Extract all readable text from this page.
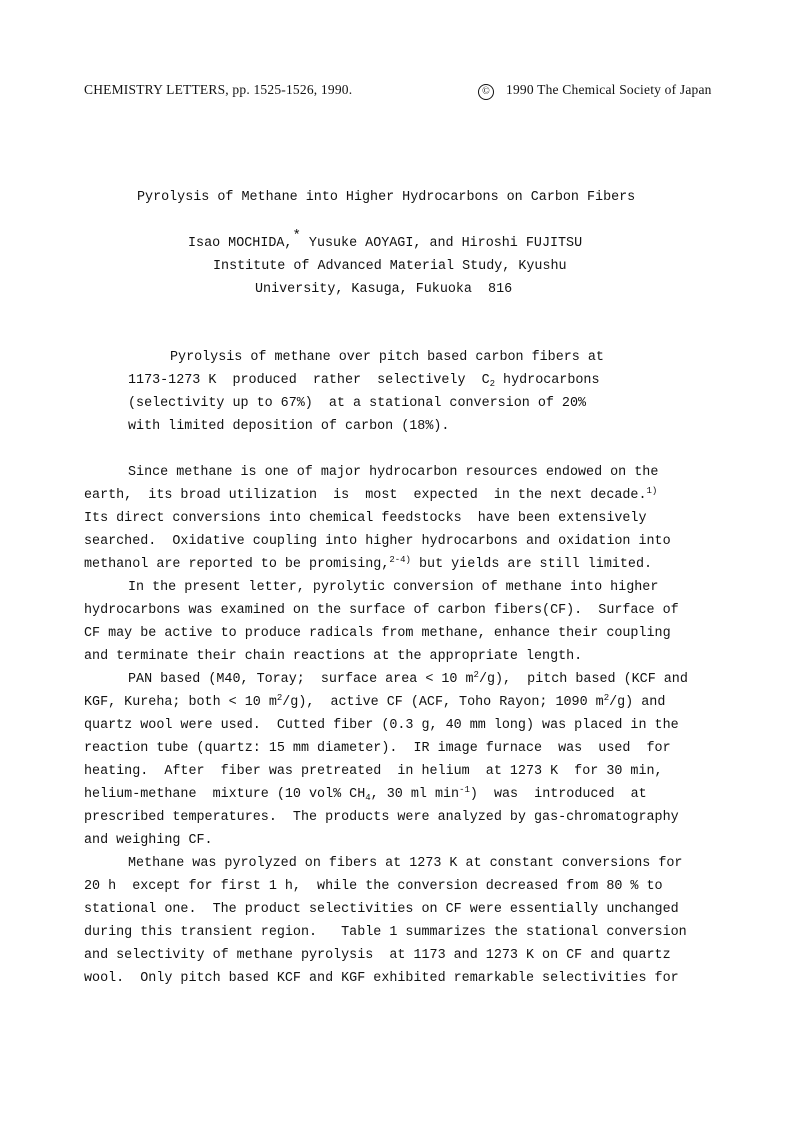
CHEMISTRY LETTERS, pp. 1525-1526, 1990.	© 1990 The Chemical Society of Japan
Pyrolysis of Methane into Higher Hydrocarbons on Carbon Fibers
Isao MOCHIDA,* Yusuke AOYAGI, and Hiroshi FUJITSU
Institute of Advanced Material Study, Kyushu
University, Kasuga, Fukuoka  816
Pyrolysis of methane over pitch based carbon fibers at
1173-1273 K  produced  rather  selectively  $C_2$ hydrocarbons
(selectivity up to 67%)  at a stational conversion of 20%
with limited deposition of carbon (18%).
Since methane is one of major hydrocarbon resources endowed on the
earth,  its broad utilization  is  most  expected  in the next decade.$^{1)}$
Its direct conversions into chemical feedstocks  have been extensively
searched.  Oxidative coupling into higher hydrocarbons and oxidation into
methanol are reported to be promising,$^{2-4)}$ but yields are still limited.
In the present letter, pyrolytic conversion of methane into higher
hydrocarbons was examined on the surface of carbon fibers(CF).  Surface of
CF may be active to produce radicals from methane, enhance their coupling
and terminate their chain reactions at the appropriate length.
PAN based (M40, Toray;  surface area < 10 $m^2/g$),  pitch based (KCF and
KGF, Kureha; both < 10 $m^2/g$),  active CF (ACF, Toho Rayon; 1090 $m^2/g$) and
quartz wool were used.  Cutted fiber (0.3 g, 40 mm long) was placed in the
reaction tube (quartz: 15 mm diameter).  IR image furnace  was  used  for
heating.  After  fiber was pretreated  in helium  at 1273 K  for 30 min,
helium-methane  mixture (10 vol% $CH_4$, 30 ml $\min^{-1}$)  was  introduced  at
prescribed temperatures.  The products were analyzed by gas-chromatography
and weighing CF.
Methane was pyrolyzed on fibers at 1273 K at constant conversions for
20 h  except for first 1 h,  while the conversion decreased from 80 % to
stational one.  The product selectivities on CF were essentially unchanged
during this transient region.   Table 1 summarizes the stational conversion
and selectivity of methane pyrolysis  at 1173 and 1273 K on CF and quartz
wool.  Only pitch based KCF and KGF exhibited remarkable selectivities for
